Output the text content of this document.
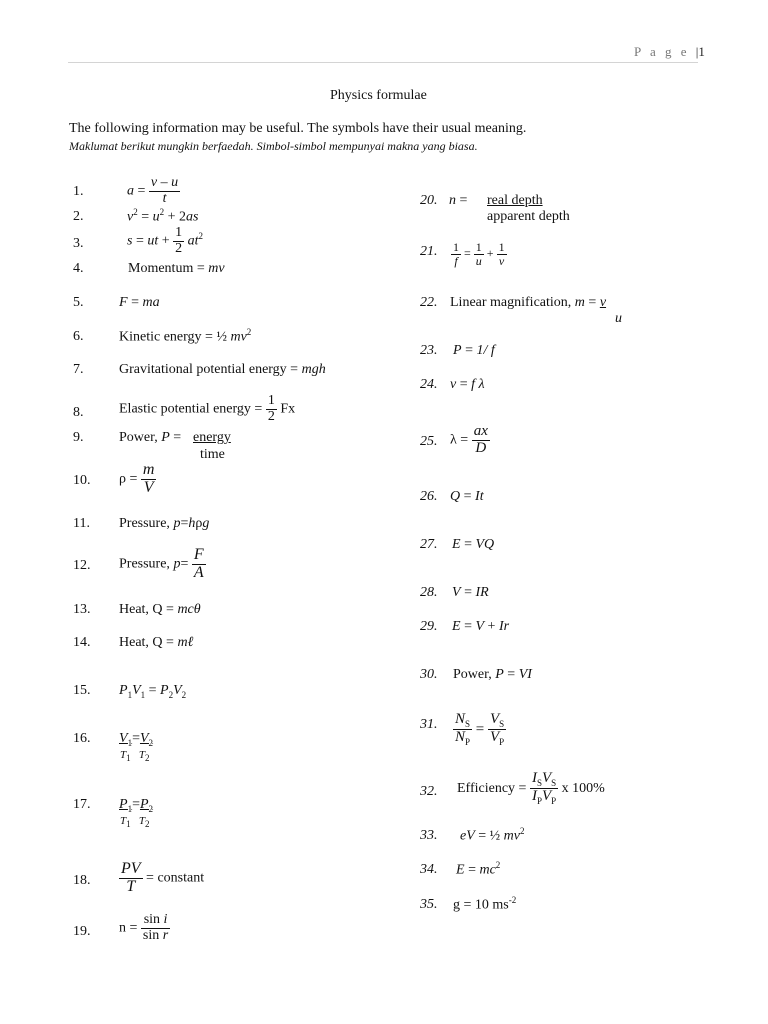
P a g e |1
Physics formulae
The following information may be useful. The symbols have their usual meaning.
Maklumat berikut mungkin berfaedah. Simbol-simbol mempunyai makna yang biasa.
1.	$a = \frac{v - u}{t}$
2.	$v^2 = u^2 + 2as$
3.	s = ut + $\frac{1}{2} at^2$
4.	Momentum = mv
5.	F = ma
6.	Kinetic energy = ½ $mv^2$
7.	Gravitational potential energy = mgh
8.	Elastic potential energy = $\frac{1}{2}$ Fx
9.	Power, P = energy
time
10. $\rho = \frac{m}{V}$
11. Pressure, p=hρg
12. Pressure, $p= \frac{F}{A}$
13. Heat, Q = mcθ
14. Heat, Q = mℓ
15. $P_1V_1 = P_2V_2$
16. $V_1=V_2$
$T_1$ $T_2$
17. $P_1=P_2$
$T_1$ $T_2$
18. $\frac{PV}{T}$ = constant
19. $n = \frac{\text{sin i}}{\text{sin r}}$
20. n = real depth
apparent depth
21. $\frac{1}{f} = \frac{1}{u} + \frac{1}{v}$
22. Linear magnification, m = v
u
23. P = 1/ f
24. v = f λ
25. $\lambda = \frac{ax}{D}$
26. Q = It
27. E = VQ
28. V = IR
29. E = V + Ir
30. Power, P = VI
31. $\frac{N_S}{N_P} = \frac{V_S}{V_P}$
32. Efficiency = $\frac{I_SV_S}{I_PV_P}$ x 100%
33. eV = ½ $mv^2$
34. $E = mc^2$
35. g = 10 $ms^{-2}$
